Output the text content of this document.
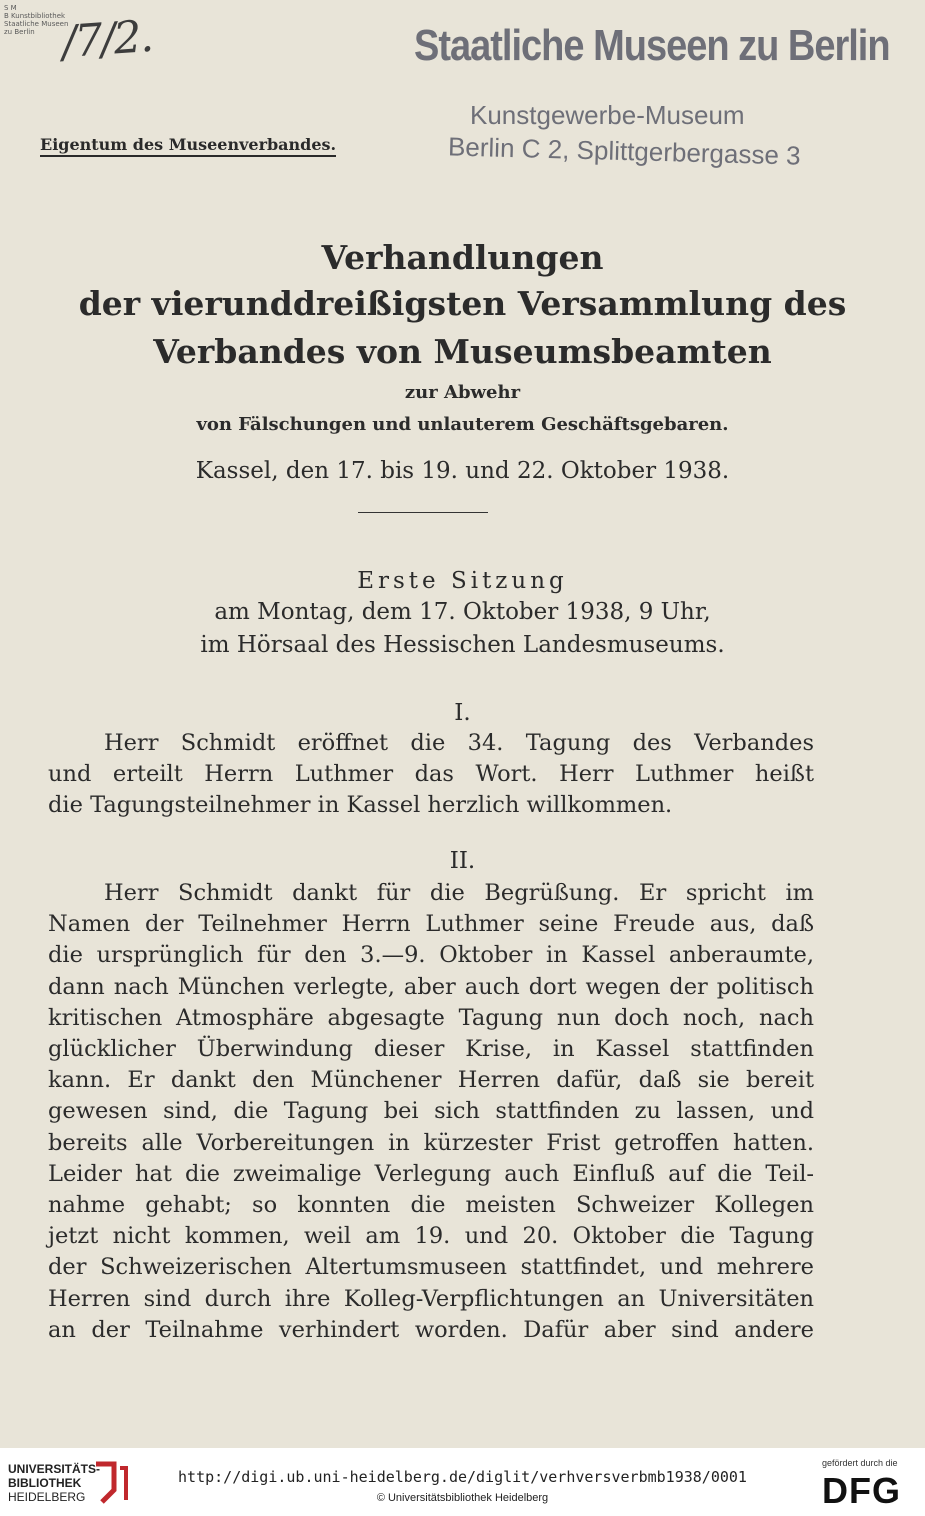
S M
B Kunstbibliothek
Staatliche Museen
zu Berlin /7/2.	Staatliche Museen zu Berlin
Kunstgewerbe-Museum
Berlin C 2, Splittgerbergasse 3
Eigentum des Museenverbandes.
Verhandlungen
der vierunddreißigsten Versammlung des
Verbandes von Museumsbeamten
zur Abwehr
von Fälschungen und unlauterem Geschäftsgebaren.
Kassel, den 17. bis 19. und 22. Oktober 1938.
Erste Sitzung
am Montag, dem 17. Oktober 1938, 9 Uhr,
im Hörsaal des Hessischen Landesmuseums.
I.
Herr Schmidt eröffnet die 34. Tagung des Verbandes
und erteilt Herrn Luthmer das Wort. Herr Luthmer heißt
die Tagungsteilnehmer in Kassel herzlich willkommen.
II.
Herr Schmidt dankt für die Begrüßung. Er spricht im
Namen der Teilnehmer Herrn Luthmer seine Freude aus, daß
die ursprünglich für den 3.—9. Oktober in Kassel anberaumte,
dann nach München verlegte, aber auch dort wegen der politisch
kritischen Atmosphäre abgesagte Tagung nun doch noch, nach
glücklicher Überwindung dieser Krise, in Kassel stattfinden
kann. Er dankt den Münchener Herren dafür, daß sie bereit
gewesen sind, die Tagung bei sich stattfinden zu lassen, und
bereits alle Vorbereitungen in kürzester Frist getroffen hatten.
Leider hat die zweimalige Verlegung auch Einfluß auf die Teil-
nahme gehabt; so konnten die meisten Schweizer Kollegen
jetzt nicht kommen, weil am 19. und 20. Oktober die Tagung
der Schweizerischen Altertumsmuseen stattfindet, und mehrere
Herren sind durch ihre Kolleg-Verpflichtungen an Universitäten
an der Teilnahme verhindert worden. Dafür aber sind andere
UNIVERSITÄTS-
BIBLIOTHEK
HEIDELBERG
http://digi.ub.uni-heidelberg.de/diglit/verhversverbmb1938/0001
© Universitätsbibliothek Heidelberg
gefördert durch die
DFG
